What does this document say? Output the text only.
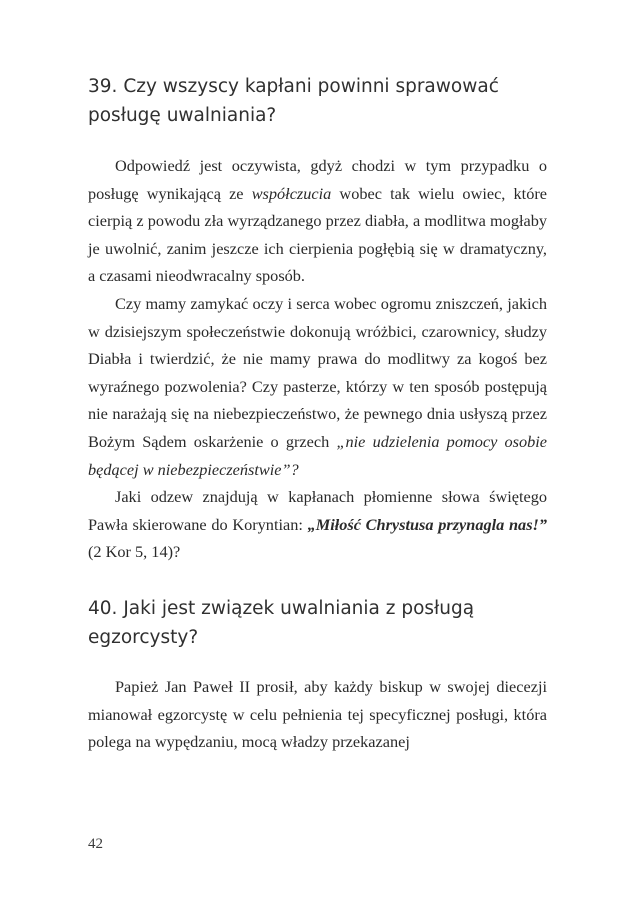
39. Czy wszyscy kapłani powinni sprawować posługę uwalniania?

Odpowiedź jest oczywista, gdyż chodzi w tym przypadku o posługę wynikającą ze współczucia wobec tak wielu owiec, które cierpią z powodu zła wyrządzanego przez diabła, a modlitwa mogłaby je uwolnić, zanim jeszcze ich cierpienia pogłębią się w dramatyczny, a czasami nieodwracalny sposób.

Czy mamy zamykać oczy i serca wobec ogromu zniszczeń, jakich w dzisiejszym społeczeństwie dokonują wróżbici, czarownicy, słudzy Diabła i twierdzić, że nie mamy prawa do modlitwy za kogoś bez wyraźnego pozwolenia? Czy pasterze, którzy w ten sposób postępują nie narażają się na niebezpieczeństwo, że pewnego dnia usłyszą przez Bożym Sądem oskarżenie o grzech „nie udzielenia pomocy osobie będącej w niebezpieczeństwie”?

Jaki odzew znajdują w kapłanach płomienne słowa świętego Pawła skierowane do Koryntian: „Miłość Chrystusa przynagla nas!” (2 Kor 5, 14)?

40. Jaki jest związek uwalniania z posługą egzorcysty?

Papież Jan Paweł II prosił, aby każdy biskup w swojej diecezji mianował egzorcystę w celu pełnienia tej specyficznej posługi, która polega na wypędzaniu, mocą władzy przekazanej

42
